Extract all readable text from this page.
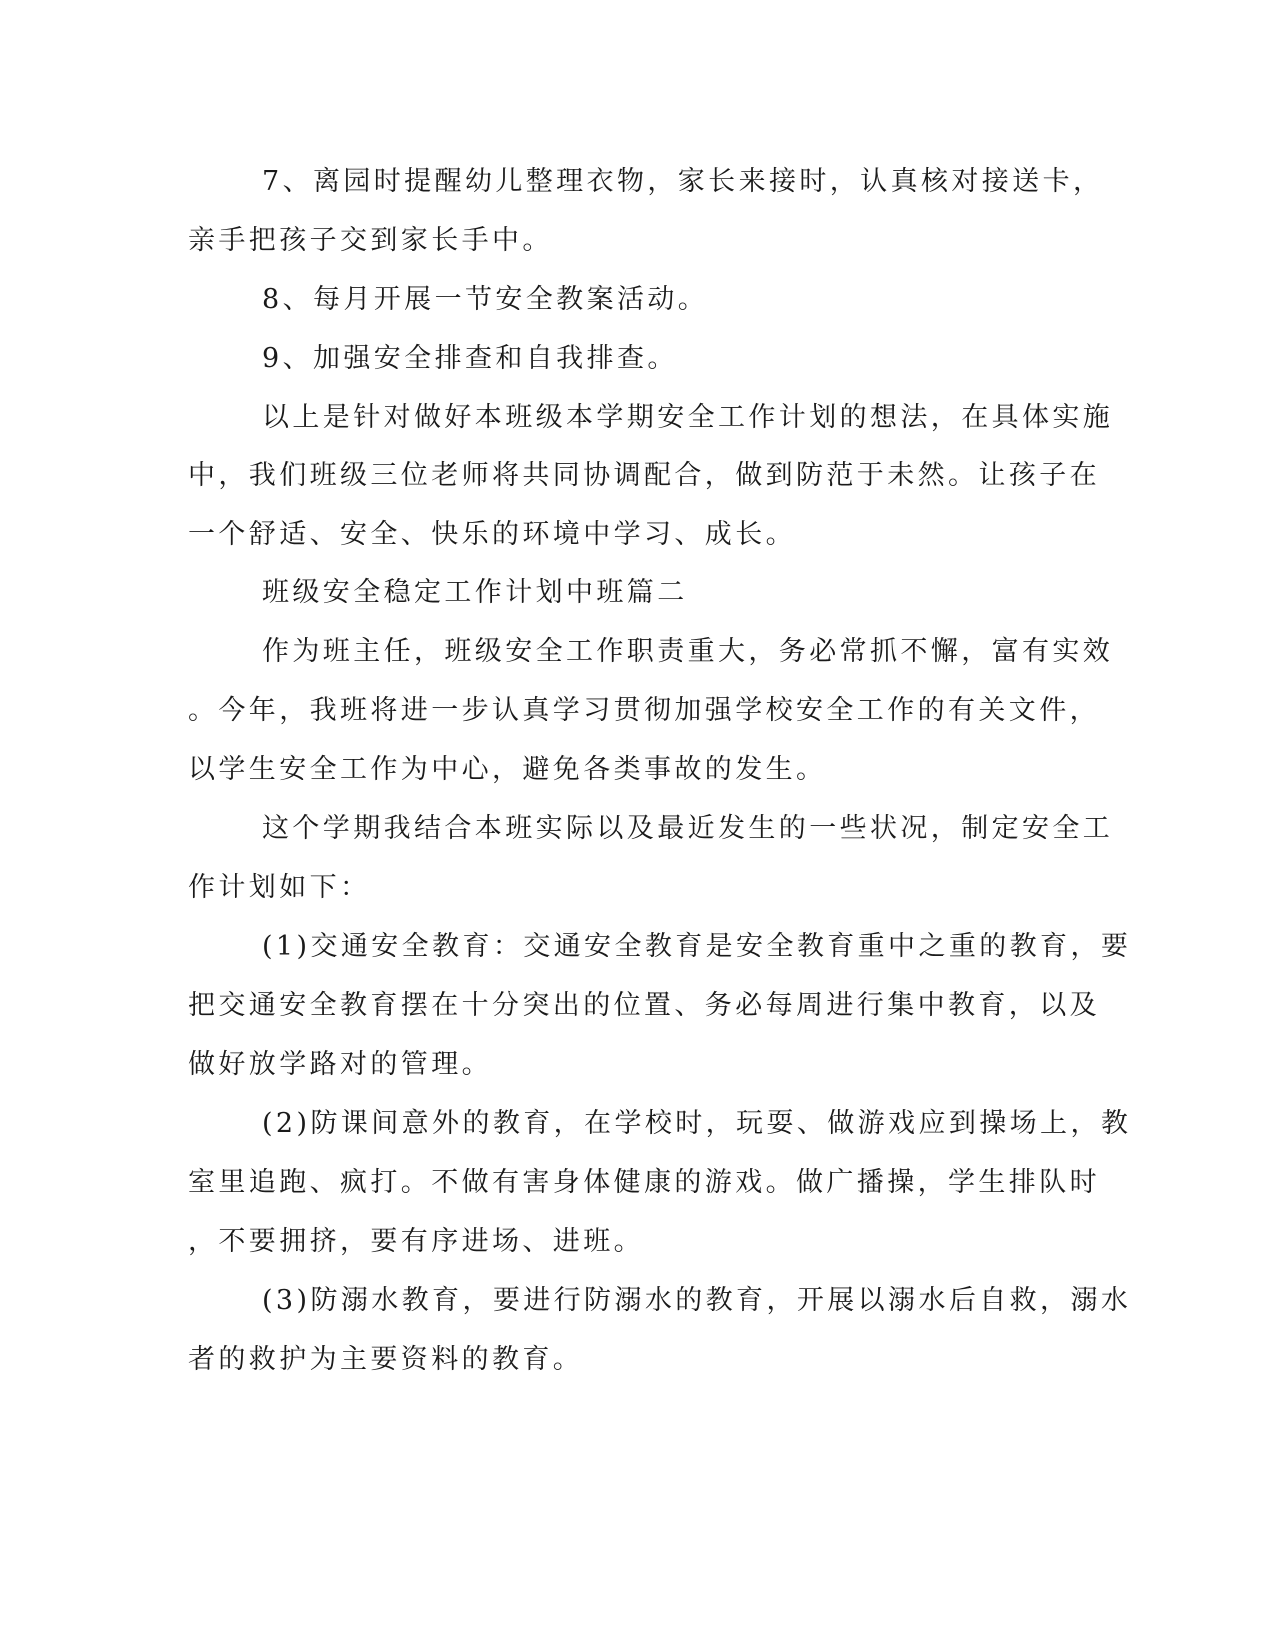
7、离园时提醒幼儿整理衣物，家长来接时，认真核对接送卡，

亲手把孩子交到家长手中。

8、每月开展一节安全教案活动。

9、加强安全排查和自我排查。

以上是针对做好本班级本学期安全工作计划的想法，在具体实施

中，我们班级三位老师将共同协调配合，做到防范于未然。让孩子在

一个舒适、安全、快乐的环境中学习、成长。

班级安全稳定工作计划中班篇二

作为班主任，班级安全工作职责重大，务必常抓不懈，富有实效

。今年，我班将进一步认真学习贯彻加强学校安全工作的有关文件，

以学生安全工作为中心，避免各类事故的发生。

这个学期我结合本班实际以及最近发生的一些状况，制定安全工

作计划如下：

(1)交通安全教育：交通安全教育是安全教育重中之重的教育，要

把交通安全教育摆在十分突出的位置、务必每周进行集中教育，以及

做好放学路对的管理。

(2)防课间意外的教育，在学校时，玩耍、做游戏应到操场上，教

室里追跑、疯打。不做有害身体健康的游戏。做广播操，学生排队时

，不要拥挤，要有序进场、进班。

(3)防溺水教育，要进行防溺水的教育，开展以溺水后自救，溺水

者的救护为主要资料的教育。
